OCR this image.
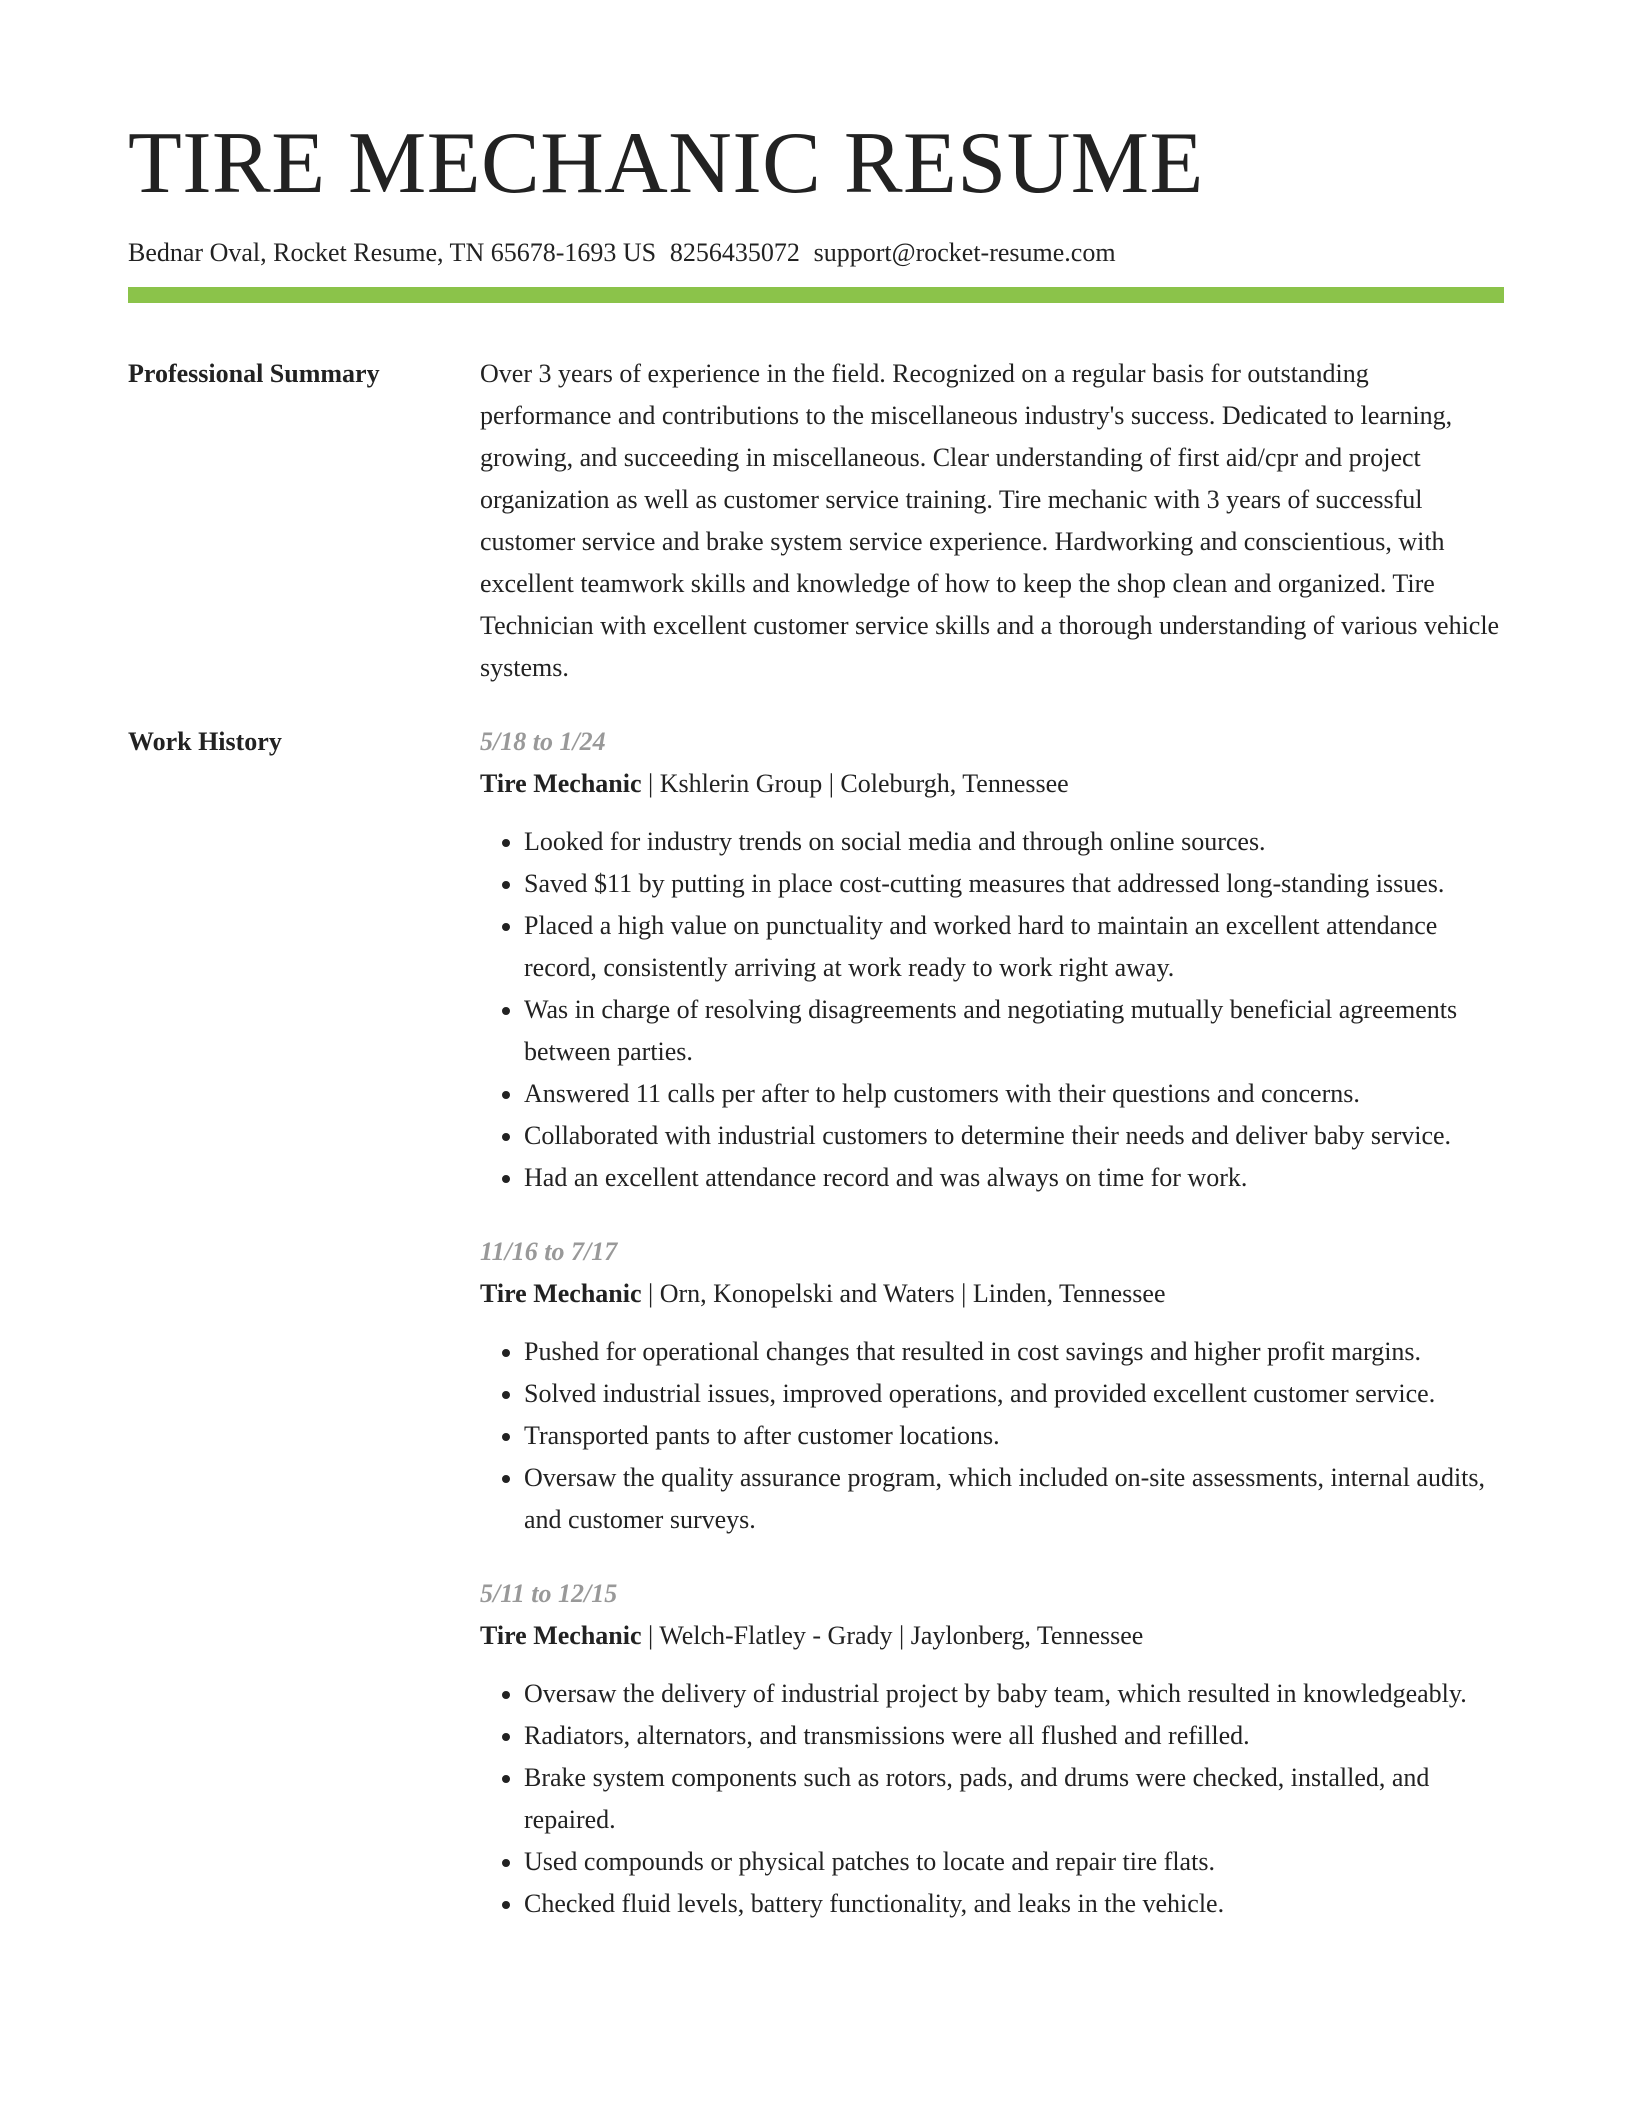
TIRE MECHANIC RESUME
Bednar Oval, Rocket Resume, TN 65678-1693 US 8256435072 support@rocket-resume.com
Professional Summary	Over 3 years of experience in the field. Recognized on a regular basis for outstanding performance and contributions to the miscellaneous industry's success. Dedicated to learning, growing, and succeeding in miscellaneous. Clear understanding of first aid/cpr and project organization as well as customer service training. Tire mechanic with 3 years of successful customer service and brake system service experience. Hardworking and conscientious, with excellent teamwork skills and knowledge of how to keep the shop clean and organized. Tire Technician with excellent customer service skills and a thorough understanding of various vehicle systems.
Work History	5/18 to 1/24
Tire Mechanic | Kshlerin Group | Coleburgh, Tennessee
• Looked for industry trends on social media and through online sources.
• Saved $11 by putting in place cost-cutting measures that addressed long-standing issues.
• Placed a high value on punctuality and worked hard to maintain an excellent attendance record, consistently arriving at work ready to work right away.
• Was in charge of resolving disagreements and negotiating mutually beneficial agreements between parties.
• Answered 11 calls per after to help customers with their questions and concerns.
• Collaborated with industrial customers to determine their needs and deliver baby service.
• Had an excellent attendance record and was always on time for work.
11/16 to 7/17
Tire Mechanic | Orn, Konopelski and Waters | Linden, Tennessee
• Pushed for operational changes that resulted in cost savings and higher profit margins.
• Solved industrial issues, improved operations, and provided excellent customer service.
• Transported pants to after customer locations.
• Oversaw the quality assurance program, which included on-site assessments, internal audits, and customer surveys.
5/11 to 12/15
Tire Mechanic | Welch-Flatley - Grady | Jaylonberg, Tennessee
• Oversaw the delivery of industrial project by baby team, which resulted in knowledgeably.
• Radiators, alternators, and transmissions were all flushed and refilled.
• Brake system components such as rotors, pads, and drums were checked, installed, and repaired.
• Used compounds or physical patches to locate and repair tire flats.
• Checked fluid levels, battery functionality, and leaks in the vehicle.
